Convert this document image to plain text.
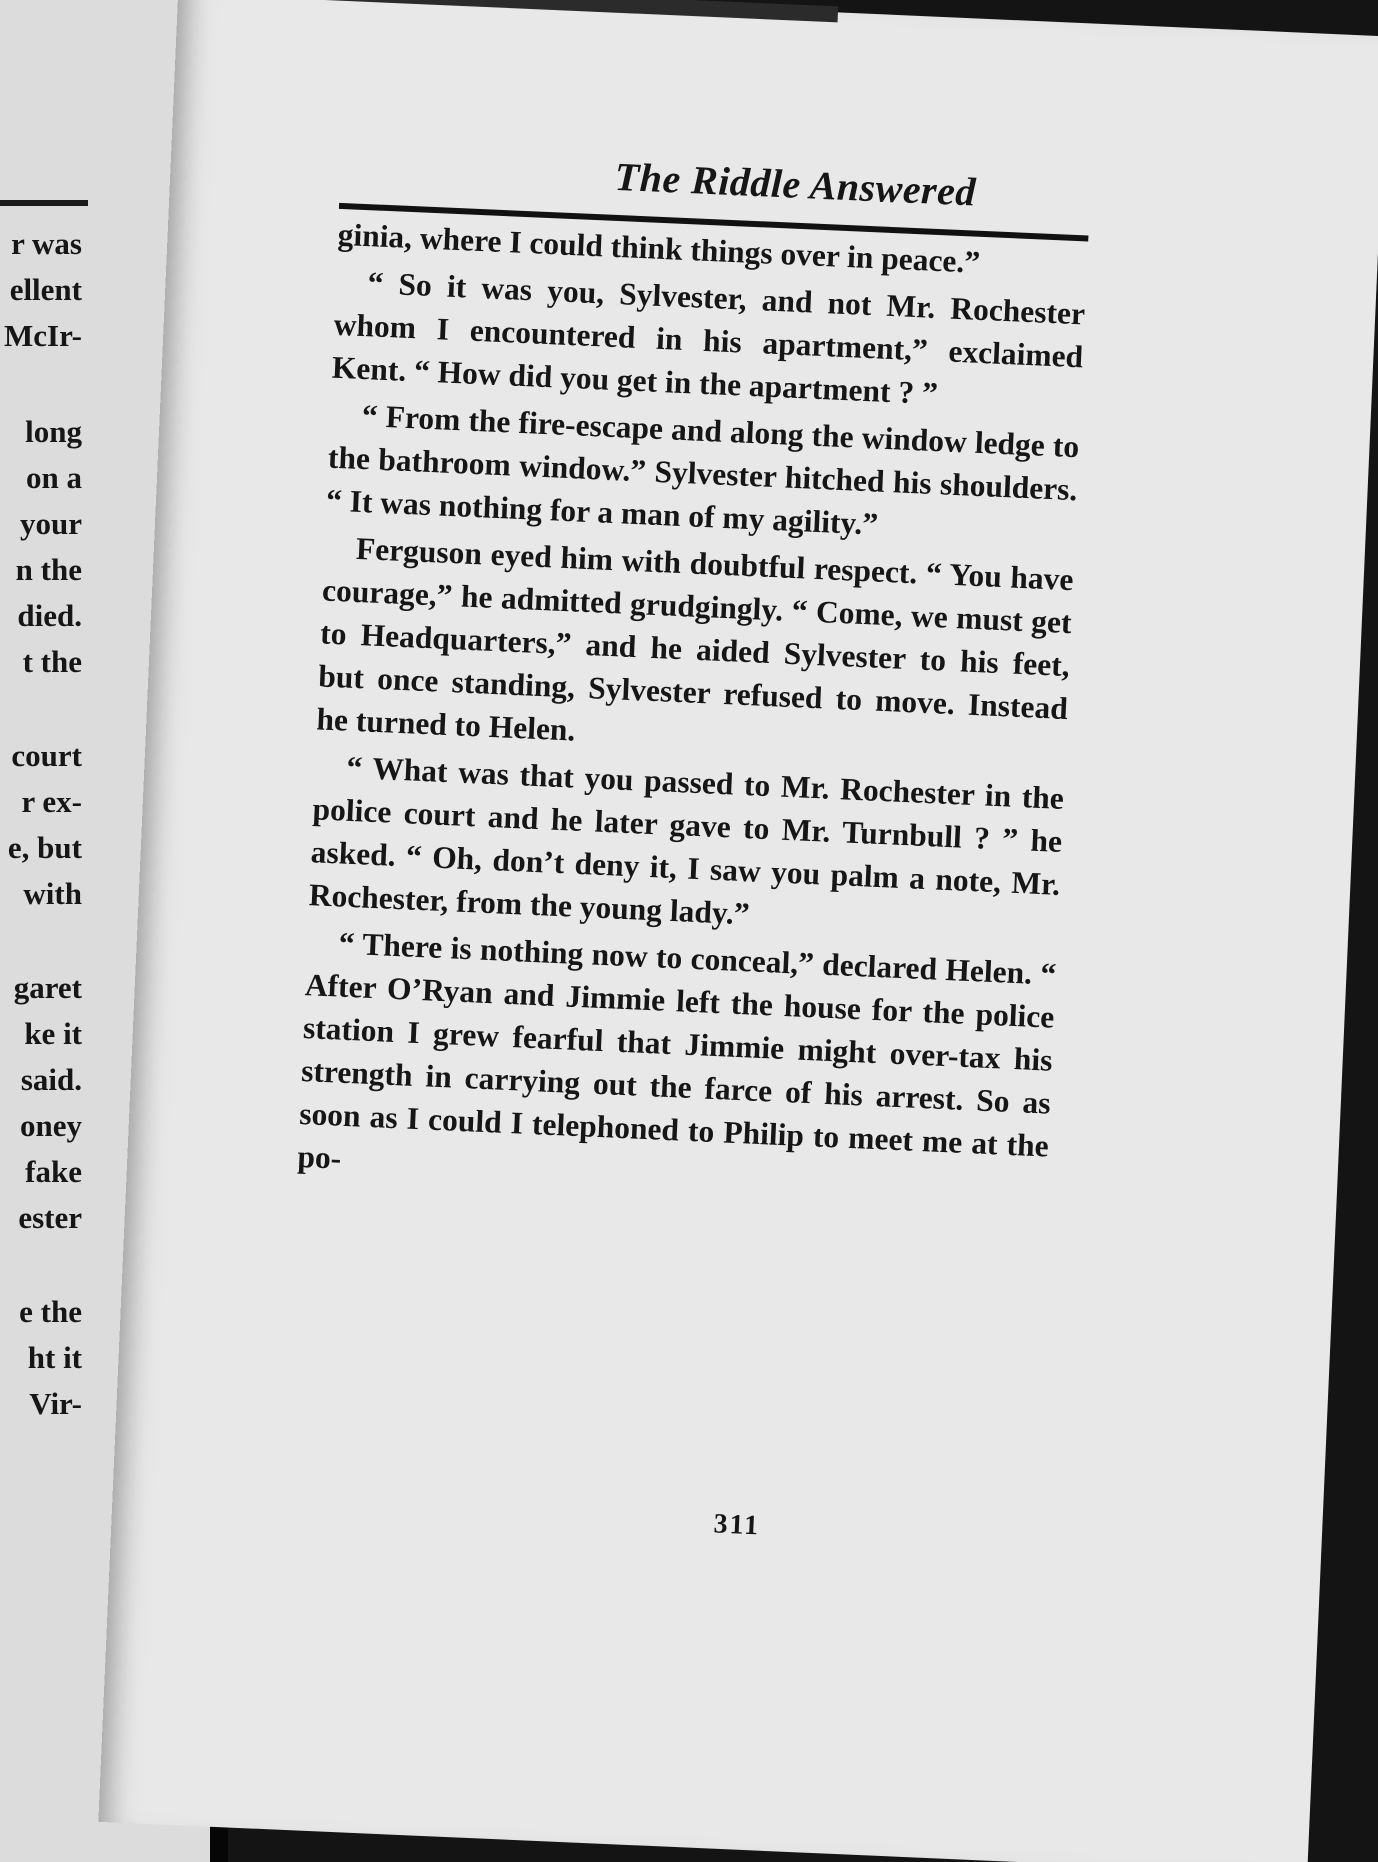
r was
ellent
McIr-
long
on a
your
n the
died.
t the
court
r ex-
e, but
with
garet
ke it
said.
oney
fake
ester
e the
ht it
Vir-
The Riddle Answered

ginia, where I could think things over in peace.”

“ So it was you, Sylvester, and not Mr. Rochester whom I encountered in his apartment,” exclaimed Kent. “ How did you get in the apartment ? ”

“ From the fire-escape and along the window ledge to the bathroom window.” Sylvester hitched his shoulders. “ It was nothing for a man of my agility.”

Ferguson eyed him with doubtful respect. “ You have courage,” he admitted grudgingly. “ Come, we must get to Headquarters,” and he aided Sylvester to his feet, but once standing, Sylvester refused to move. Instead he turned to Helen.

“ What was that you passed to Mr. Rochester in the police court and he later gave to Mr. Turnbull ? ” he asked. “ Oh, don’t deny it, I saw you palm a note, Mr. Rochester, from the young lady.”

“ There is nothing now to conceal,” declared Helen. “ After O’Ryan and Jimmie left the house for the police station I grew fearful that Jimmie might over-tax his strength in carrying out the farce of his arrest. So as soon as I could I telephoned to Philip to meet me at the po-

311
